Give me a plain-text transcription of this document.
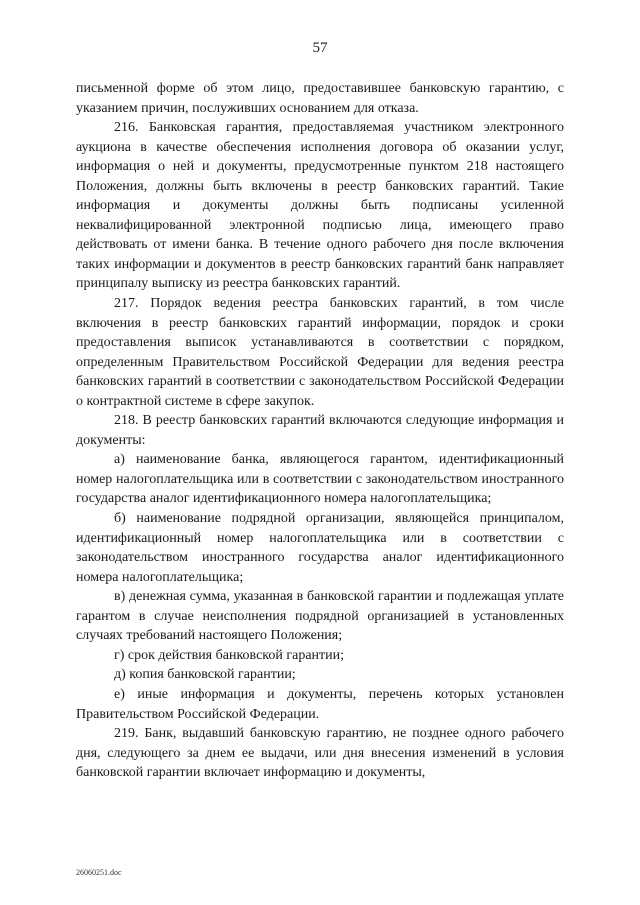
57

письменной форме об этом лицо, предоставившее банковскую гарантию, с указанием причин, послуживших основанием для отказа.

216. Банковская гарантия, предоставляемая участником электронного аукциона в качестве обеспечения исполнения договора об оказании услуг, информация о ней и документы, предусмотренные пунктом 218 настоящего Положения, должны быть включены в реестр банковских гарантий. Такие информация и документы должны быть подписаны усиленной неквалифицированной электронной подписью лица, имеющего право действовать от имени банка. В течение одного рабочего дня после включения таких информации и документов в реестр банковских гарантий банк направляет принципалу выписку из реестра банковских гарантий.

217. Порядок ведения реестра банковских гарантий, в том числе включения в реестр банковских гарантий информации, порядок и сроки предоставления выписок устанавливаются в соответствии с порядком, определенным Правительством Российской Федерации для ведения реестра банковских гарантий в соответствии с законодательством Российской Федерации о контрактной системе в сфере закупок.

218. В реестр банковских гарантий включаются следующие информация и документы:

а) наименование банка, являющегося гарантом, идентификационный номер налогоплательщика или в соответствии с законодательством иностранного государства аналог идентификационного номера налогоплательщика;

б) наименование подрядной организации, являющейся принципалом, идентификационный номер налогоплательщика или в соответствии с законодательством иностранного государства аналог идентификационного номера налогоплательщика;

в) денежная сумма, указанная в банковской гарантии и подлежащая уплате гарантом в случае неисполнения подрядной организацией в установленных случаях требований настоящего Положения;

г) срок действия банковской гарантии;

д) копия банковской гарантии;

е) иные информация и документы, перечень которых установлен Правительством Российской Федерации.

219. Банк, выдавший банковскую гарантию, не позднее одного рабочего дня, следующего за днем ее выдачи, или дня внесения изменений в условия банковской гарантии включает информацию и документы,

26060251.doc
